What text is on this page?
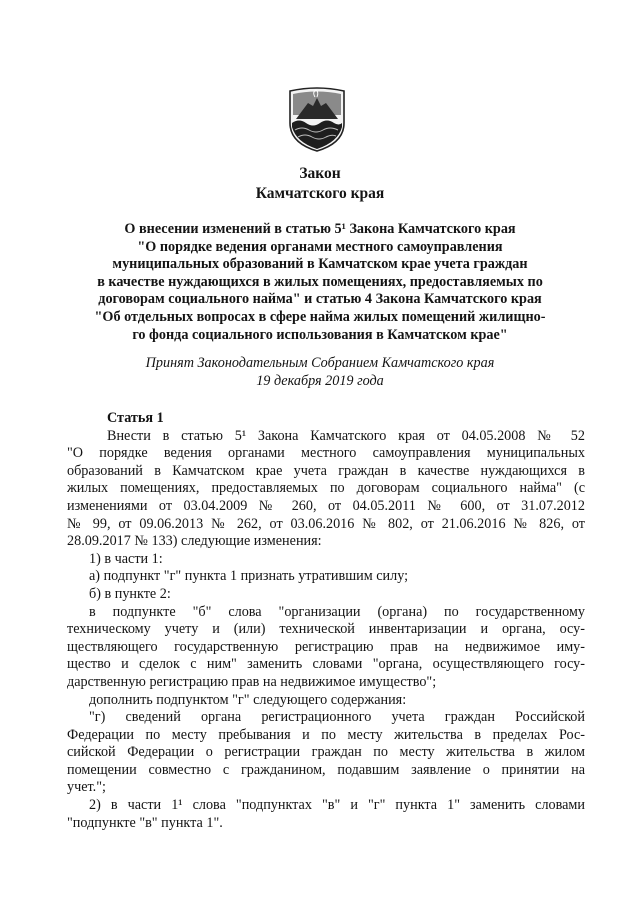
Закон
Камчатского края
О внесении изменений в статью 5¹ Закона Камчатского края
"О порядке ведения органами местного самоуправления
муниципальных образований в Камчатском крае учета граждан
в качестве нуждающихся в жилых помещениях, предоставляемых по
договорам социального найма" и статью 4 Закона Камчатского края
"Об отдельных вопросах в сфере найма жилых помещений жилищно-
го фонда социального использования в Камчатском крае"
Принят Законодательным Собранием Камчатского края
19 декабря 2019 года
Статья 1
Внести в статью 5¹ Закона Камчатского края от 04.05.2008 № 52
"О порядке ведения органами местного самоуправления муниципальных
образований в Камчатском крае учета граждан в качестве нуждающихся в
жилых помещениях, предоставляемых по договорам социального найма" (с
изменениями от 03.04.2009 № 260, от 04.05.2011 № 600, от 31.07.2012
№ 99, от 09.06.2013 № 262, от 03.06.2016 № 802, от 21.06.2016 № 826, от
28.09.2017 № 133) следующие изменения:
1) в части 1:
а) подпункт "г" пункта 1 признать утратившим силу;
б) в пункте 2:
в подпункте "б" слова "организации (органа) по государственному
техническому учету и (или) технической инвентаризации и органа, осу-
ществляющего государственную регистрацию прав на недвижимое иму-
щество и сделок с ним" заменить словами "органа, осуществляющего госу-
дарственную регистрацию прав на недвижимое имущество";
дополнить подпунктом "г" следующего содержания:
"г) сведений органа регистрационного учета граждан Российской
Федерации по месту пребывания и по месту жительства в пределах Рос-
сийской Федерации о регистрации граждан по месту жительства в жилом
помещении совместно с гражданином, подавшим заявление о принятии на
учет.";
2) в части 1¹ слова "подпунктах "в" и "г" пункта 1" заменить словами
"подпункте "в" пункта 1".
